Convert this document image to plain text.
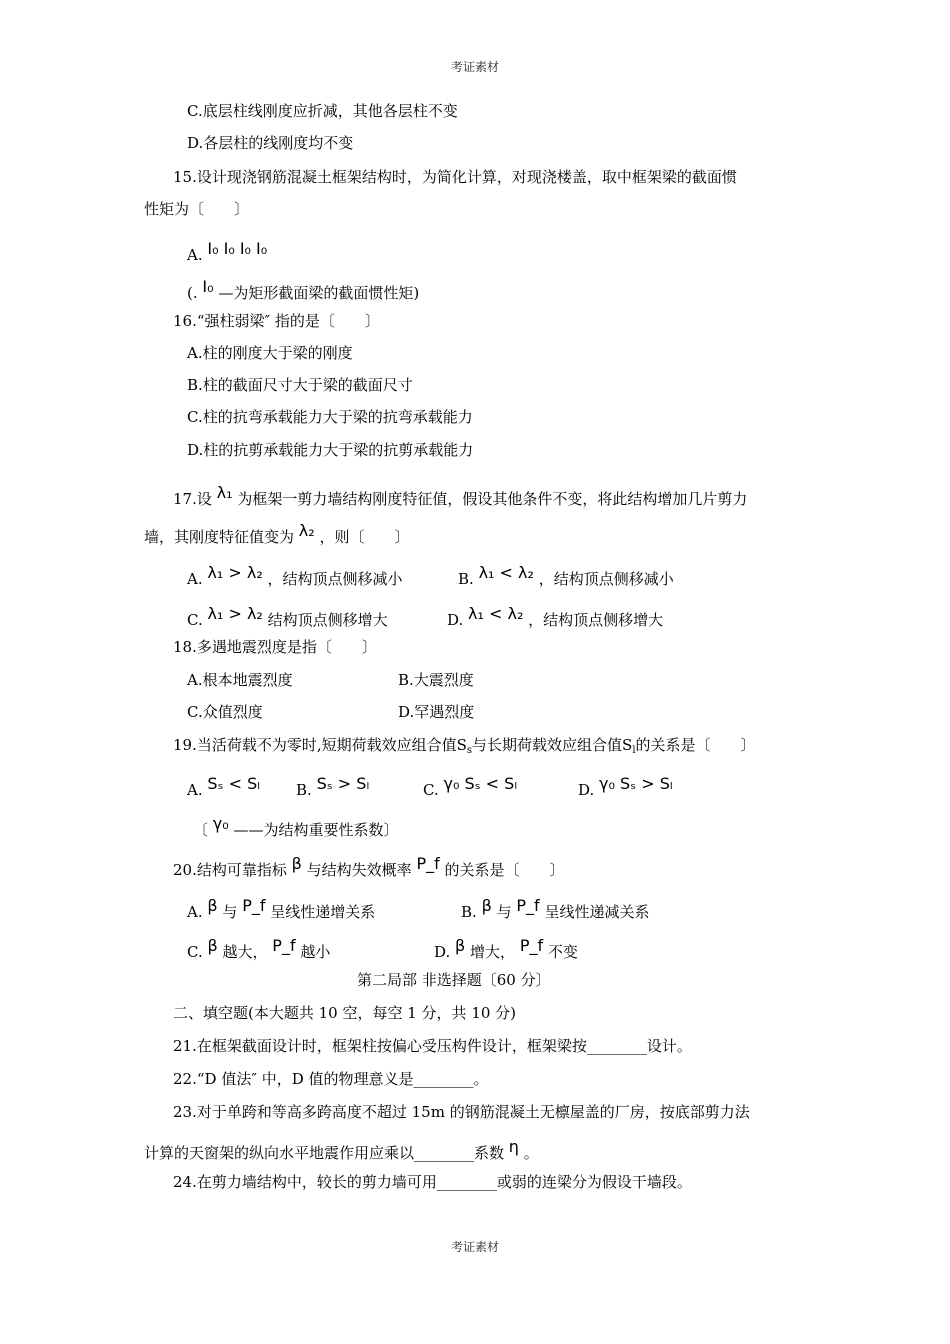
考证素材
C.底层柱线刚度应折减，其他各层柱不变
D.各层柱的线刚度均不变
15.设计现浇钢筋混凝土框架结构时，为简化计算，对现浇楼盖，取中框架梁的截面惯
性矩为〔　　〕
A. I₀ I₀ I₀ I₀
(. I₀ —为矩形截面梁的截面惯性矩)
16.“强柱弱梁″ 指的是〔　　〕
A.柱的刚度大于梁的刚度
B.柱的截面尺寸大于梁的截面尺寸
C.柱的抗弯承载能力大于梁的抗弯承载能力
D.柱的抗剪承载能力大于梁的抗剪承载能力
17.设 λ₁ 为框架一剪力墙结构刚度特征值，假设其他条件不变，将此结构增加几片剪力
墙，其刚度特征值变为 λ₂ ，则〔　　〕
A. λ₁ > λ₂ ，结构顶点侧移减小	B. λ₁ < λ₂ ，结构顶点侧移减小
C. λ₁ > λ₂ 结构顶点侧移增大	D. λ₁ < λ₂ ，结构顶点侧移增大
18.多遇地震烈度是指〔　　〕
A.根本地震烈度	B.大震烈度
C.众值烈度	D.罕遇烈度
19.当活荷载不为零时,短期荷载效应组合值$S_s$与长期荷载效应组合值$S_l$的关系是〔　　〕
A. Sₛ < Sₗ B. Sₛ > Sₗ	C. γ₀ Sₛ < Sₗ	D. γ₀ Sₛ > Sₗ
〔 γ₀ ——为结构重要性系数〕
20.结构可靠指标 β 与结构失效概率 P_f 的关系是〔　　〕
A. β 与 P_f 呈线性递增关系	B. β 与 P_f 呈线性递减关系
C. β 越大， P_f 越小	D. β 增大， P_f 不变
第二局部 非选择题〔60 分〕
二、填空题(本大题共 10 空，每空 1 分，共 10 分)
21.在框架截面设计时，框架柱按偏心受压构件设计，框架梁按________设计。
22.“D 值法″ 中，D 值的物理意义是________。
23.对于单跨和等高多跨高度不超过 15m 的钢筋混凝土无檩屋盖的厂房，按底部剪力法
计算的天窗架的纵向水平地震作用应乘以________系数 η 。
24.在剪力墙结构中，较长的剪力墙可用________或弱的连梁分为假设干墙段。
考证素材
